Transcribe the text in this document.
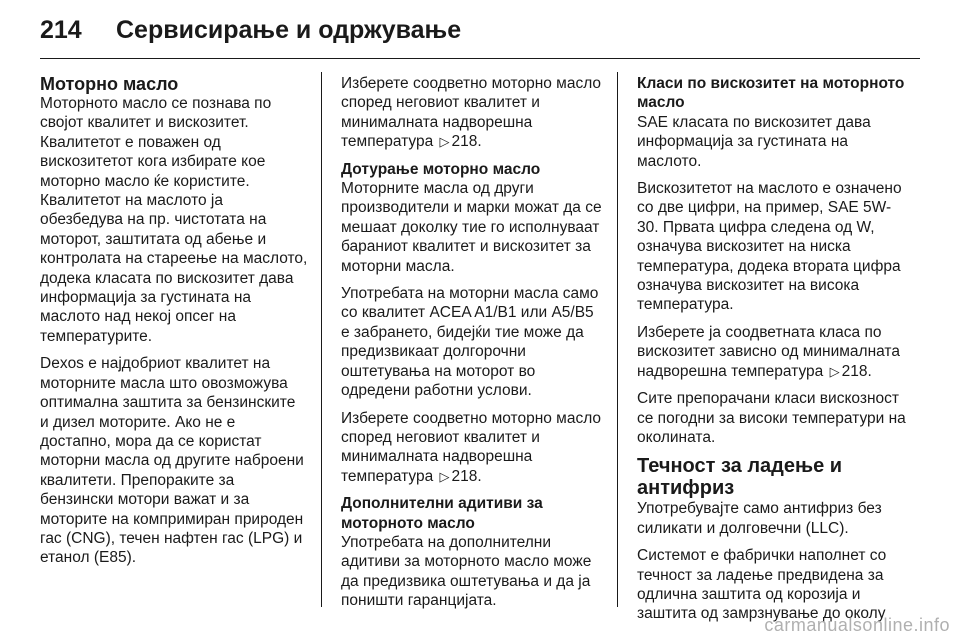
214	Сервисирање и одржување
Моторно масло

Моторното масло се познава по својот квалитет и вискозитет. Квалитетот е поважен од вискозитетот кога избирате кое моторно масло ќе користите. Квалитетот на маслото ја обезбедува на пр. чистотата на моторот, заштитата од абење и контролата на стареење на маслото, додека класата по вискозитет дава информација за густината на маслото над некој опсег на температурите.

Dexos е најдобриот квалитет на моторните масла што овозможува оптимална заштита за бензинските и дизел моторите. Ако не е достапно, мора да се користат моторни масла од другите наброени квалитети. Препораките за бензински мотори важат и за моторите на компримиран природен гас (CNG), течен нафтен гас (LPG) и етанол (E85).

Изберете соодветно моторно масло според неговиот квалитет и минималната надворешна температура ▷ 218.

Дотурање моторно масло

Моторните масла од други производители и марки можат да се мешаат доколку тие го исполнуваат бараниот квалитет и вискозитет за моторни масла.

Употребата на моторни масла само со квалитет ACEA A1/B1 или A5/B5 е забрането, бидејќи тие може да предизвикаат долгорочни оштетувања на моторот во одредени работни услови.

Изберете соодветно моторно масло според неговиот квалитет и минималната надворешна температура ▷ 218.

Дополнителни адитиви за моторното масло

Употребата на дополнителни адитиви за моторното масло може да предизвика оштетувања и да ја поништи гаранцијата.

Класи по вискозитет на моторното масло

SAE класата по вискозитет дава информација за густината на маслото.

Вискозитетот на маслото е означено со две цифри, на пример, SAE 5W-30. Првата цифра следена од W, означува вискозитет на ниска температура, додека втората цифра означува вискозитет на висока температура.

Изберете ја соодветната класа по вискозитет зависно од минималната надворешна температура ▷ 218.

Сите препорачани класи вискозност се погодни за високи температури на околината.

Течност за ладење и антифриз

Употребувајте само антифриз без силикати и долговечни (LLC).

Системот е фабрички наполнет со течност за ладење предвидена за одлична заштита од корозија и заштита од замрзнување до околу

carmanualsonline.info
